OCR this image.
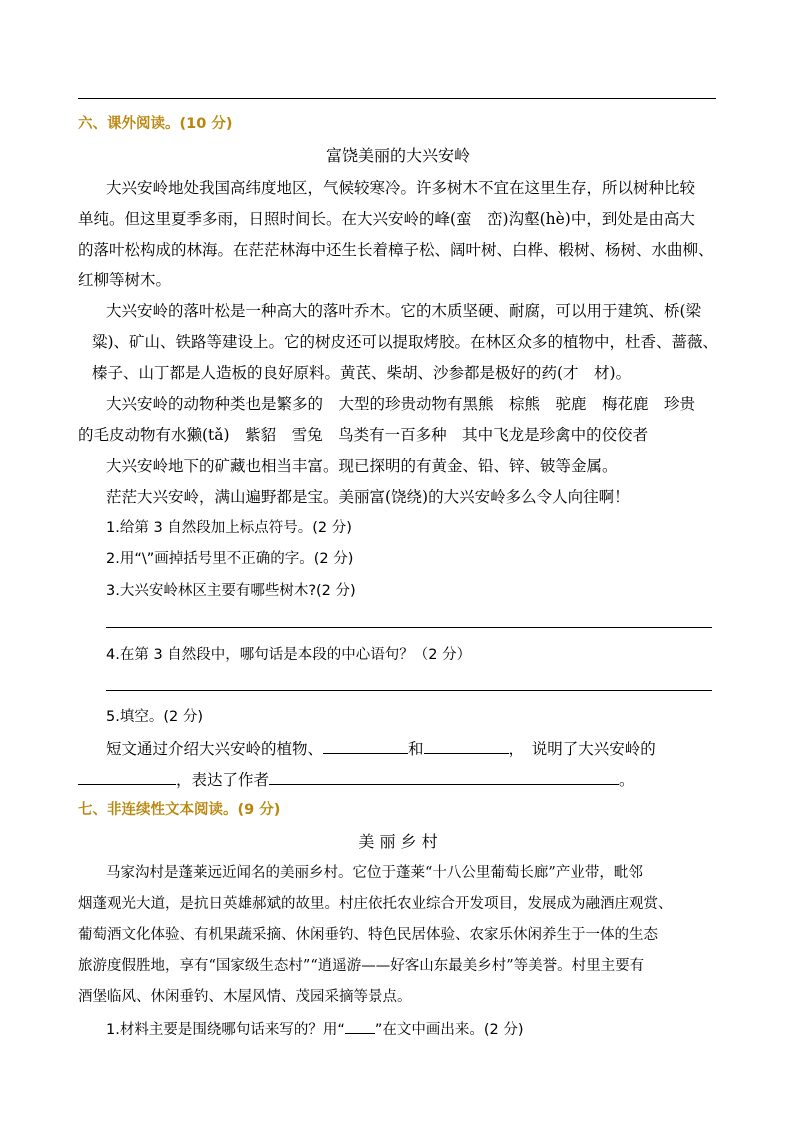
六、课外阅读。(10 分)
富饶美丽的大兴安岭
大兴安岭地处我国高纬度地区，气候较寒冷。许多树木不宜在这里生存，所以树种比较
单纯。但这里夏季多雨，日照时间长。在大兴安岭的峰(蛮　峦)沟壑(hè)中，到处是由高大
的落叶松构成的林海。在茫茫林海中还生长着樟子松、阔叶树、白桦、椴树、杨树、水曲柳、
红柳等树木。
大兴安岭的落叶松是一种高大的落叶乔木。它的木质坚硬、耐腐，可以用于建筑、桥(梁
粱)、矿山、铁路等建设上。它的树皮还可以提取烤胶。在林区众多的植物中，杜香、蔷薇、
榛子、山丁都是人造板的良好原料。黄芪、柴胡、沙参都是极好的药(才　材)。
大兴安岭的动物种类也是繁多的　大型的珍贵动物有黑熊　棕熊　驼鹿　梅花鹿　珍贵
的毛皮动物有水獭(tǎ)　紫貂　雪兔　鸟类有一百多种　其中飞龙是珍禽中的佼佼者
大兴安岭地下的矿藏也相当丰富。现已探明的有黄金、铅、锌、铍等金属。
茫茫大兴安岭，满山遍野都是宝。美丽富(饶绕)的大兴安岭多么令人向往啊！
1.给第 3 自然段加上标点符号。(2 分)
2.用“\”画掉括号里不正确的字。(2 分)
3.大兴安岭林区主要有哪些树木?(2 分)
4.在第 3 自然段中，哪句话是本段的中心语句？（2 分）
5.填空。(2 分)
短文通过介绍大兴安岭的植物、	和	，　说明了大兴安岭的
，表达了作者	。
七、非连续性文本阅读。(9 分)
美 丽 乡 村
马家沟村是蓬莱远近闻名的美丽乡村。它位于蓬莱“十八公里葡萄长廊”产业带，毗邻
烟蓬观光大道，是抗日英雄郝斌的故里。村庄依托农业综合开发项目，发展成为融酒庄观赏、
葡萄酒文化体验、有机果蔬采摘、休闲垂钓、特色民居体验、农家乐休闲养生于一体的生态
旅游度假胜地，享有“国家级生态村”“逍遥游——好客山东最美乡村”等美誉。村里主要有
酒堡临风、休闲垂钓、木屋风情、茂园采摘等景点。
1.材料主要是围绕哪句话来写的？用“ ”在文中画出来。(2 分)
